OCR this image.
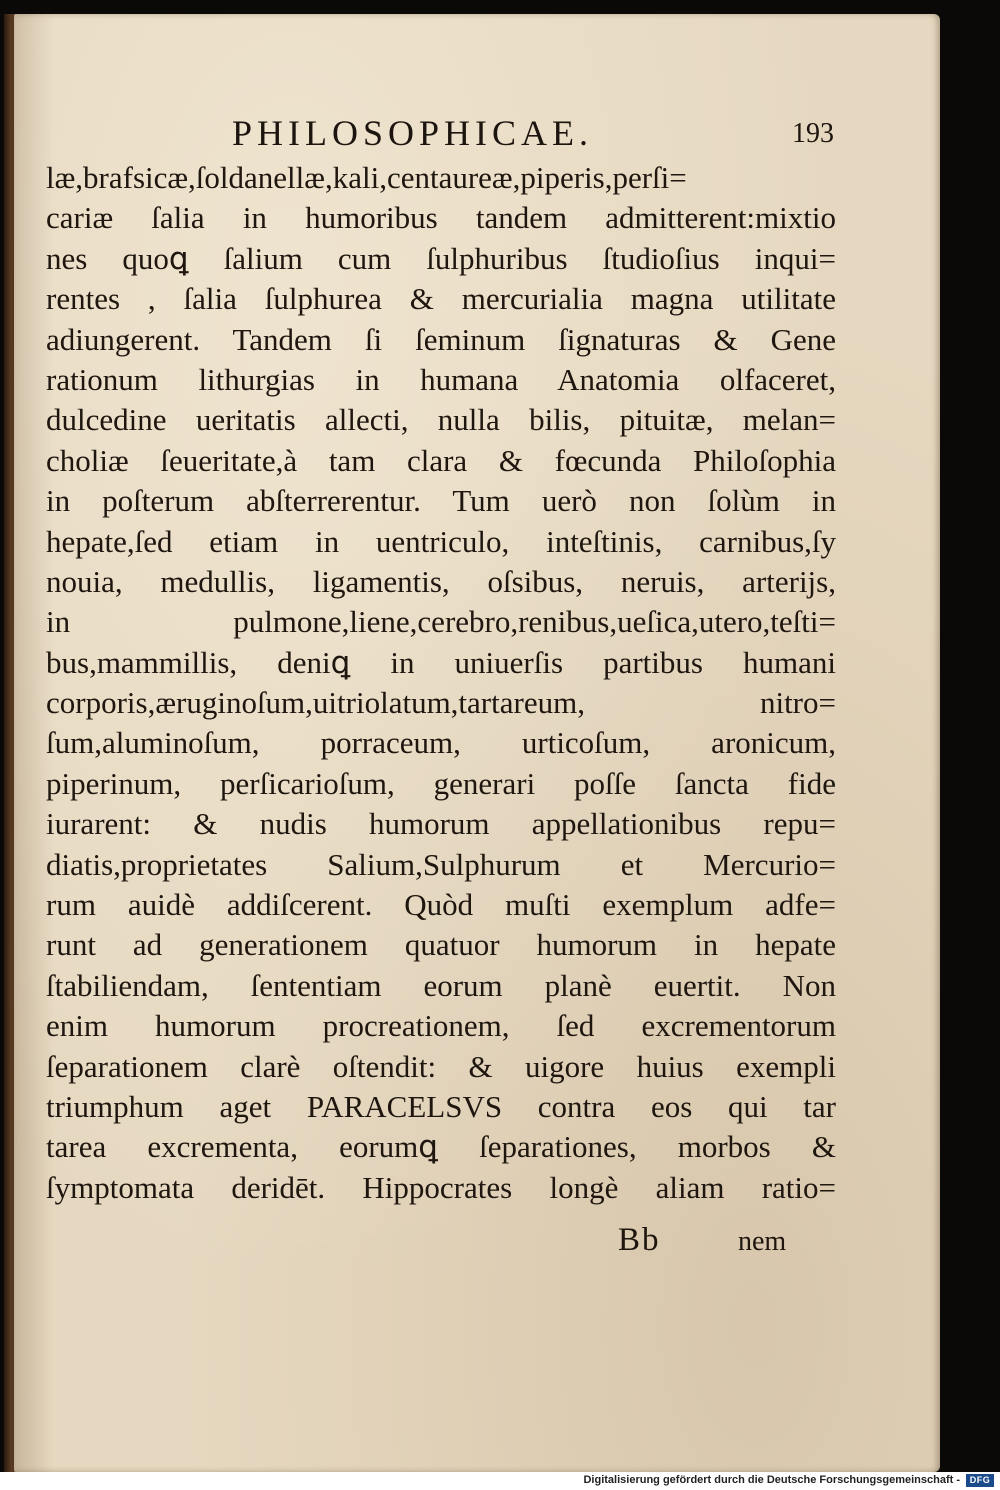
PHILOSOPHICAE.	193
læ,brafsicæ,ſoldanellæ,kali,centaureæ,piperis,perſi=
cariæ ſalia in humoribus tandem admitterent:mixtio
nes quoꝗ ſalium cum ſulphuribus ſtudioſius inqui=
rentes , ſalia ſulphurea & mercurialia magna utilitate
adiungerent. Tandem ſi ſeminum ſignaturas & Gene
rationum lithurgias in humana Anatomia olfaceret,
dulcedine ueritatis allecti, nulla bilis, pituitæ, melan=
choliæ ſeueritate,à tam clara & fœcunda Philoſophia
in poſterum abſterrerentur. Tum uerò non ſolùm in
hepate,ſed etiam in uentriculo, inteſtinis, carnibus,ſy
nouia, medullis, ligamentis, oſsibus, neruis, arterijs,
in pulmone,liene,cerebro,renibus,ueſica,utero,teſti=
bus,mammillis, deniꝗ in uniuerſis partibus humani
corporis,æruginoſum,uitriolatum,tartareum, nitro=
ſum,aluminoſum, porraceum, urticoſum, aronicum,
piperinum, perſicarioſum, generari poſſe ſancta fide
iurarent: & nudis humorum appellationibus repu=
diatis,proprietates Salium,Sulphurum et Mercurio=
rum auidè addiſcerent. Quòd muſti exemplum adfe=
runt ad generationem quatuor humorum in hepate
ſtabiliendam, ſententiam eorum planè euertit. Non
enim humorum procreationem, ſed excrementorum
ſeparationem clarè oſtendit: & uigore huius exempli
triumphum aget PARACELSVS contra eos qui tar
tarea excrementa, eorumꝗ ſeparationes, morbos &
ſymptomata deridēt. Hippocrates longè aliam ratio=
Bb	nem
Digitalisierung gefördert durch die Deutsche Forschungsgemeinschaft -	DFG
